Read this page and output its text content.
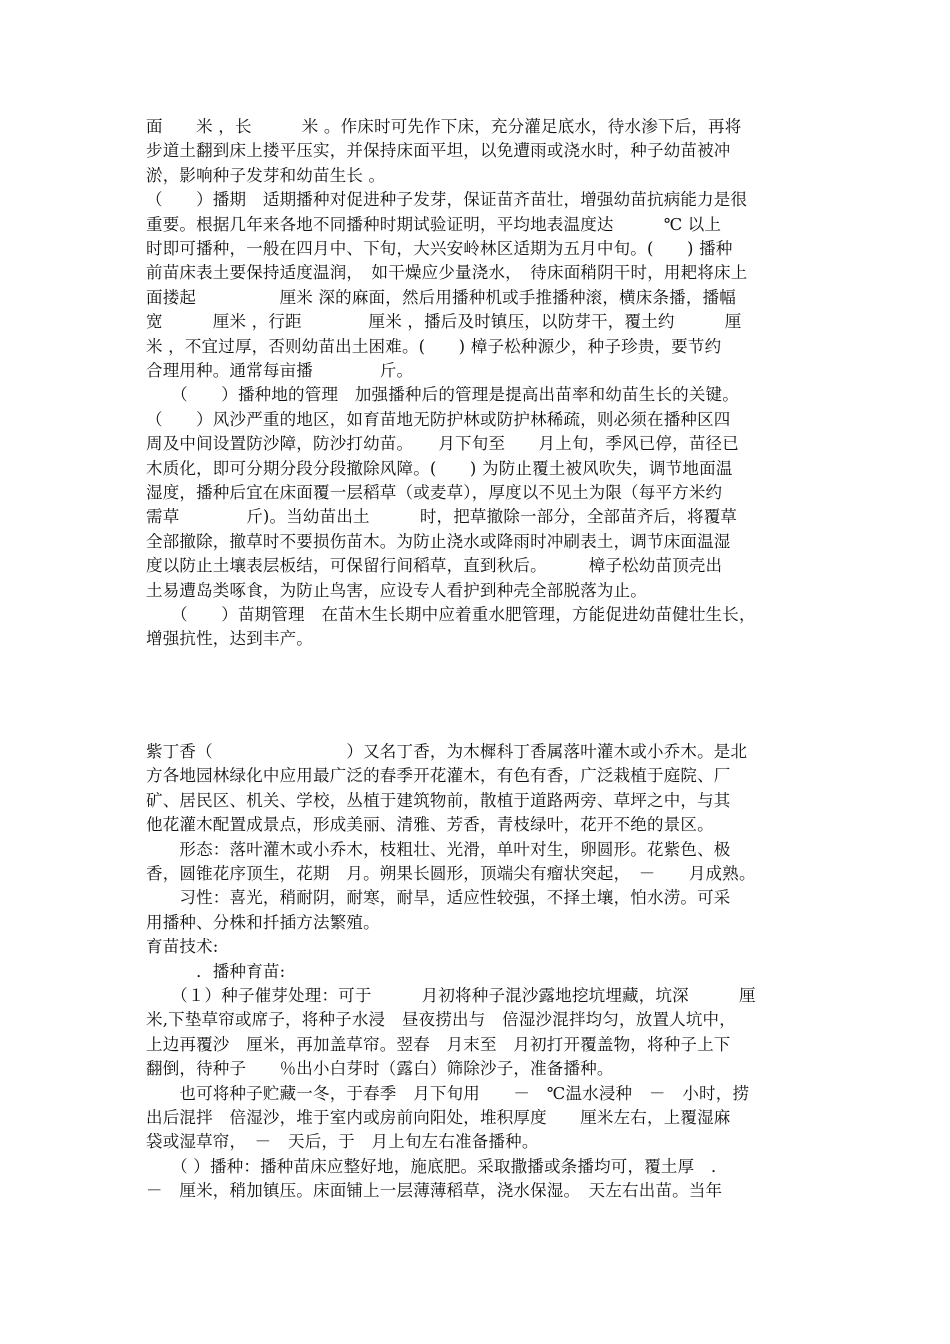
面　　米 ，长　　　米 。作床时可先作下床，充分灌足底水，待水渗下后，再将
步道土翻到床上搂平压实，并保持床面平坦，以免遭雨或浇水时，种子幼苗被冲
淤，影响种子发芽和幼苗生长 。
（　　）播期　适期播种对促进种子发芽，保证苗齐苗壮，增强幼苗抗病能力是很
重要。根据几年来各地不同播种时期试验证明，平均地表温度达　　　℃ 以上
时即可播种，一般在四月中、下旬，大兴安岭林区适期为五月中旬。(　　) 播种
前苗床表土要保持适度温润，　如干燥应少量浇水，　待床面稍阴干时，用耙将床上
面搂起　　　　　厘米 深的麻面，然后用播种机或手推播种滚，横床条播，播幅
宽　　　厘米 ，行距　　　　厘米 ，播后及时镇压，以防芽干，覆土约　　　厘
米 ，不宜过厚，否则幼苗出土困难。(　　) 樟子松种源少，种子珍贵，要节约
合理用种。通常每亩播　　　　斤。
　　（　　）播种地的管理　加强播种后的管理是提高出苗率和幼苗生长的关键。
（　　）风沙严重的地区，如育苗地无防护林或防护林稀疏，则必须在播种区四
周及中间设置防沙障，防沙打幼苗。　　月下旬至　　月上旬，季风已停，苗径已
木质化，即可分期分段分段撤除风障。(　　) 为防止覆土被风吹失，调节地面温
湿度，播种后宜在床面覆一层稻草（或麦草），厚度以不见土为限（每平方米约
需草　　　　斤)。当幼苗出土　　　时，把草撤除一部分，全部苗齐后，将覆草
全部撤除，撤草时不要损伤苗木。为防止浇水或降雨时冲刷表土，调节床面温湿
度以防止土壤表层板结，可保留行间稻草，直到秋后。　　　樟子松幼苗顶壳出
土易遭岛类啄食，为防止鸟害，应设专人看护到种壳全部脱落为止。
　　（　　）苗期管理　在苗木生长期中应着重水肥管理，方能促进幼苗健壮生长，
增强抗性，达到丰产。
紫丁香（　　　　　　　　）又名丁香，为木樨科丁香属落叶灌木或小乔木。是北
方各地园林绿化中应用最广泛的春季开花灌木，有色有香，广泛栽植于庭院、厂
矿、居民区、机关、学校，丛植于建筑物前，散植于道路两旁、草坪之中，与其
他花灌木配置成景点，形成美丽、清雅、芳香，青枝绿叶，花开不绝的景区。
　　形态：落叶灌木或小乔木，枝粗壮、光滑，单叶对生，卵圆形。花紫色、极
香，圆锥花序顶生，花期　月。朔果长圆形，顶端尖有瘤状突起，　－　　月成熟。
　　习性：喜光，稍耐阴，耐寒，耐旱，适应性较强，不择土壤，怕水涝。可采
用播种、分株和扦插方法繁殖。
育苗技术:
　　　．播种育苗:
　　（１）种子催芽处理：可于　　　月初将种子混沙露地挖坑埋藏，坑深　　　厘
米,下垫草帘或席子，将种子水浸　昼夜捞出与　倍湿沙混拌均匀，放置人坑中，
上边再覆沙　厘米，再加盖草帘。翌春　月末至　月初打开覆盖物，将种子上下
翻倒，待种子　　％出小白芽时（露白）筛除沙子，准备播种。
　　也可将种子贮藏一冬，于春季　月下旬用　　－　℃温水浸种　－　小时，捞
出后混拌　倍湿沙，堆于室内或房前向阳处，堆积厚度　　厘米左右，上覆湿麻
袋或湿草帘，　－　天后，于　月上旬左右准备播种。
　　（ ）播种：播种苗床应整好地，施底肥。采取撒播或条播均可，覆土厚　．
－　厘米，稍加镇压。床面铺上一层薄薄稻草，浇水保湿。　天左右出苗。当年
